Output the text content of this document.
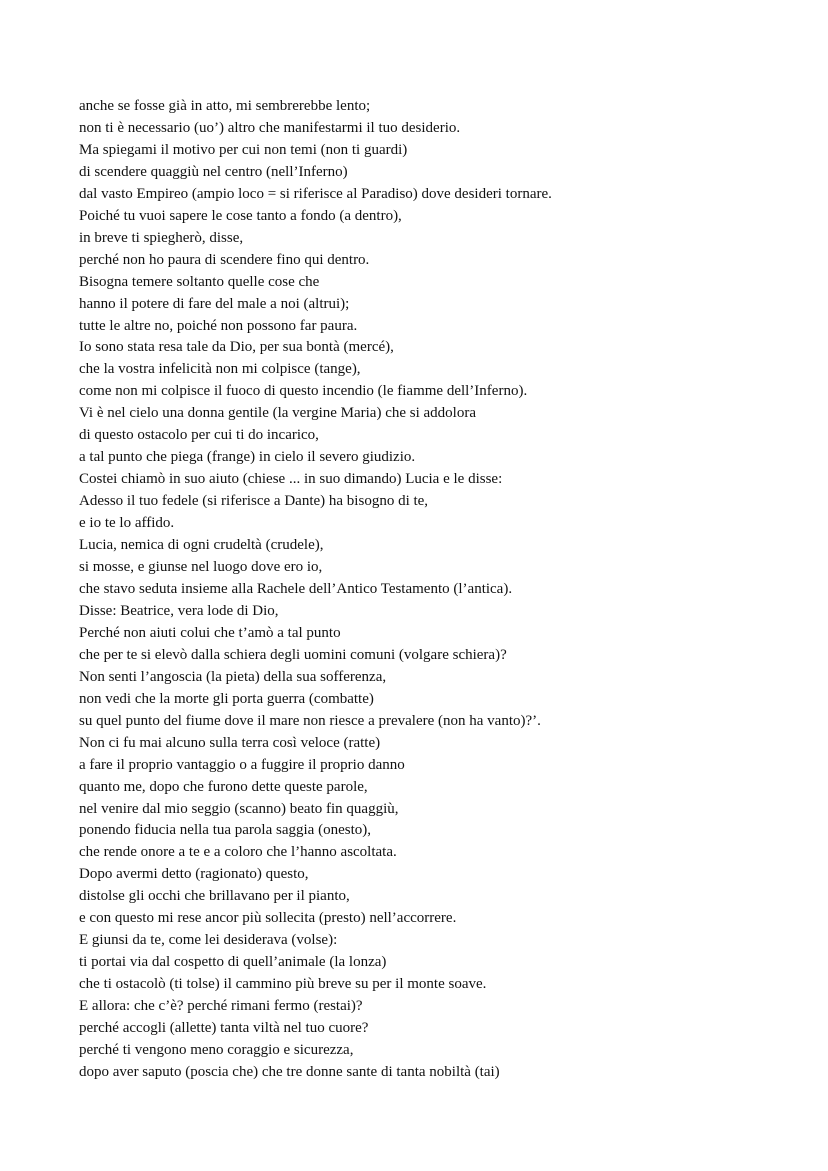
anche se fosse già in atto, mi sembrerebbe lento;
non ti è necessario (uo’) altro che manifestarmi il tuo desiderio.
Ma spiegami il motivo per cui non temi (non ti guardi)
di scendere quaggiù nel centro (nell’Inferno)
dal vasto Empireo (ampio loco = si riferisce al Paradiso) dove desideri tornare.
Poiché tu vuoi sapere le cose tanto a fondo (a dentro),
in breve ti spiegherò, disse,
perché non ho paura di scendere fino qui dentro.
Bisogna temere soltanto quelle cose che
hanno il potere di fare del male a noi (altrui);
tutte le altre no, poiché non possono far paura.
Io sono stata resa tale da Dio, per sua bontà (mercé),
che la vostra infelicità non mi colpisce (tange),
come non mi colpisce il fuoco di questo incendio (le fiamme dell’Inferno).
Vi è nel cielo una donna gentile (la vergine Maria) che si addolora
di questo ostacolo per cui ti do incarico,
a tal punto che piega (frange) in cielo il severo giudizio.
Costei chiamò in suo aiuto (chiese ... in suo dimando) Lucia e le disse:
Adesso il tuo fedele (si riferisce a Dante) ha bisogno di te,
e io te lo affido.
Lucia, nemica di ogni crudeltà (crudele),
si mosse, e giunse nel luogo dove ero io,
che stavo seduta insieme alla Rachele dell’Antico Testamento (l’antica).
Disse: Beatrice, vera lode di Dio,
Perché non aiuti colui che t’amò a tal punto
che per te si elevò dalla schiera degli uomini comuni (volgare schiera)?
Non senti l’angoscia (la pieta) della sua sofferenza,
non vedi che la morte gli porta guerra (combatte)
su quel punto del fiume dove il mare non riesce a prevalere (non ha vanto)?’.
Non ci fu mai alcuno sulla terra così veloce (ratte)
a fare il proprio vantaggio o a fuggire il proprio danno
quanto me, dopo che furono dette queste parole,
nel venire dal mio seggio (scanno) beato fin quaggiù,
ponendo fiducia nella tua parola saggia (onesto),
che rende onore a te e a coloro che l’hanno ascoltata.
Dopo avermi detto (ragionato) questo,
distolse gli occhi che brillavano per il pianto,
e con questo mi rese ancor più sollecita (presto) nell’accorrere.
E giunsi da te, come lei desiderava (volse):
ti portai via dal cospetto di quell’animale (la lonza)
che ti ostacolò (ti tolse) il cammino più breve su per il monte soave.
E allora: che c’è? perché rimani fermo (restai)?
perché accogli (allette) tanta viltà nel tuo cuore?
perché ti vengono meno coraggio e sicurezza,
dopo aver saputo (poscia che) che tre donne sante di tanta nobiltà (tai)
